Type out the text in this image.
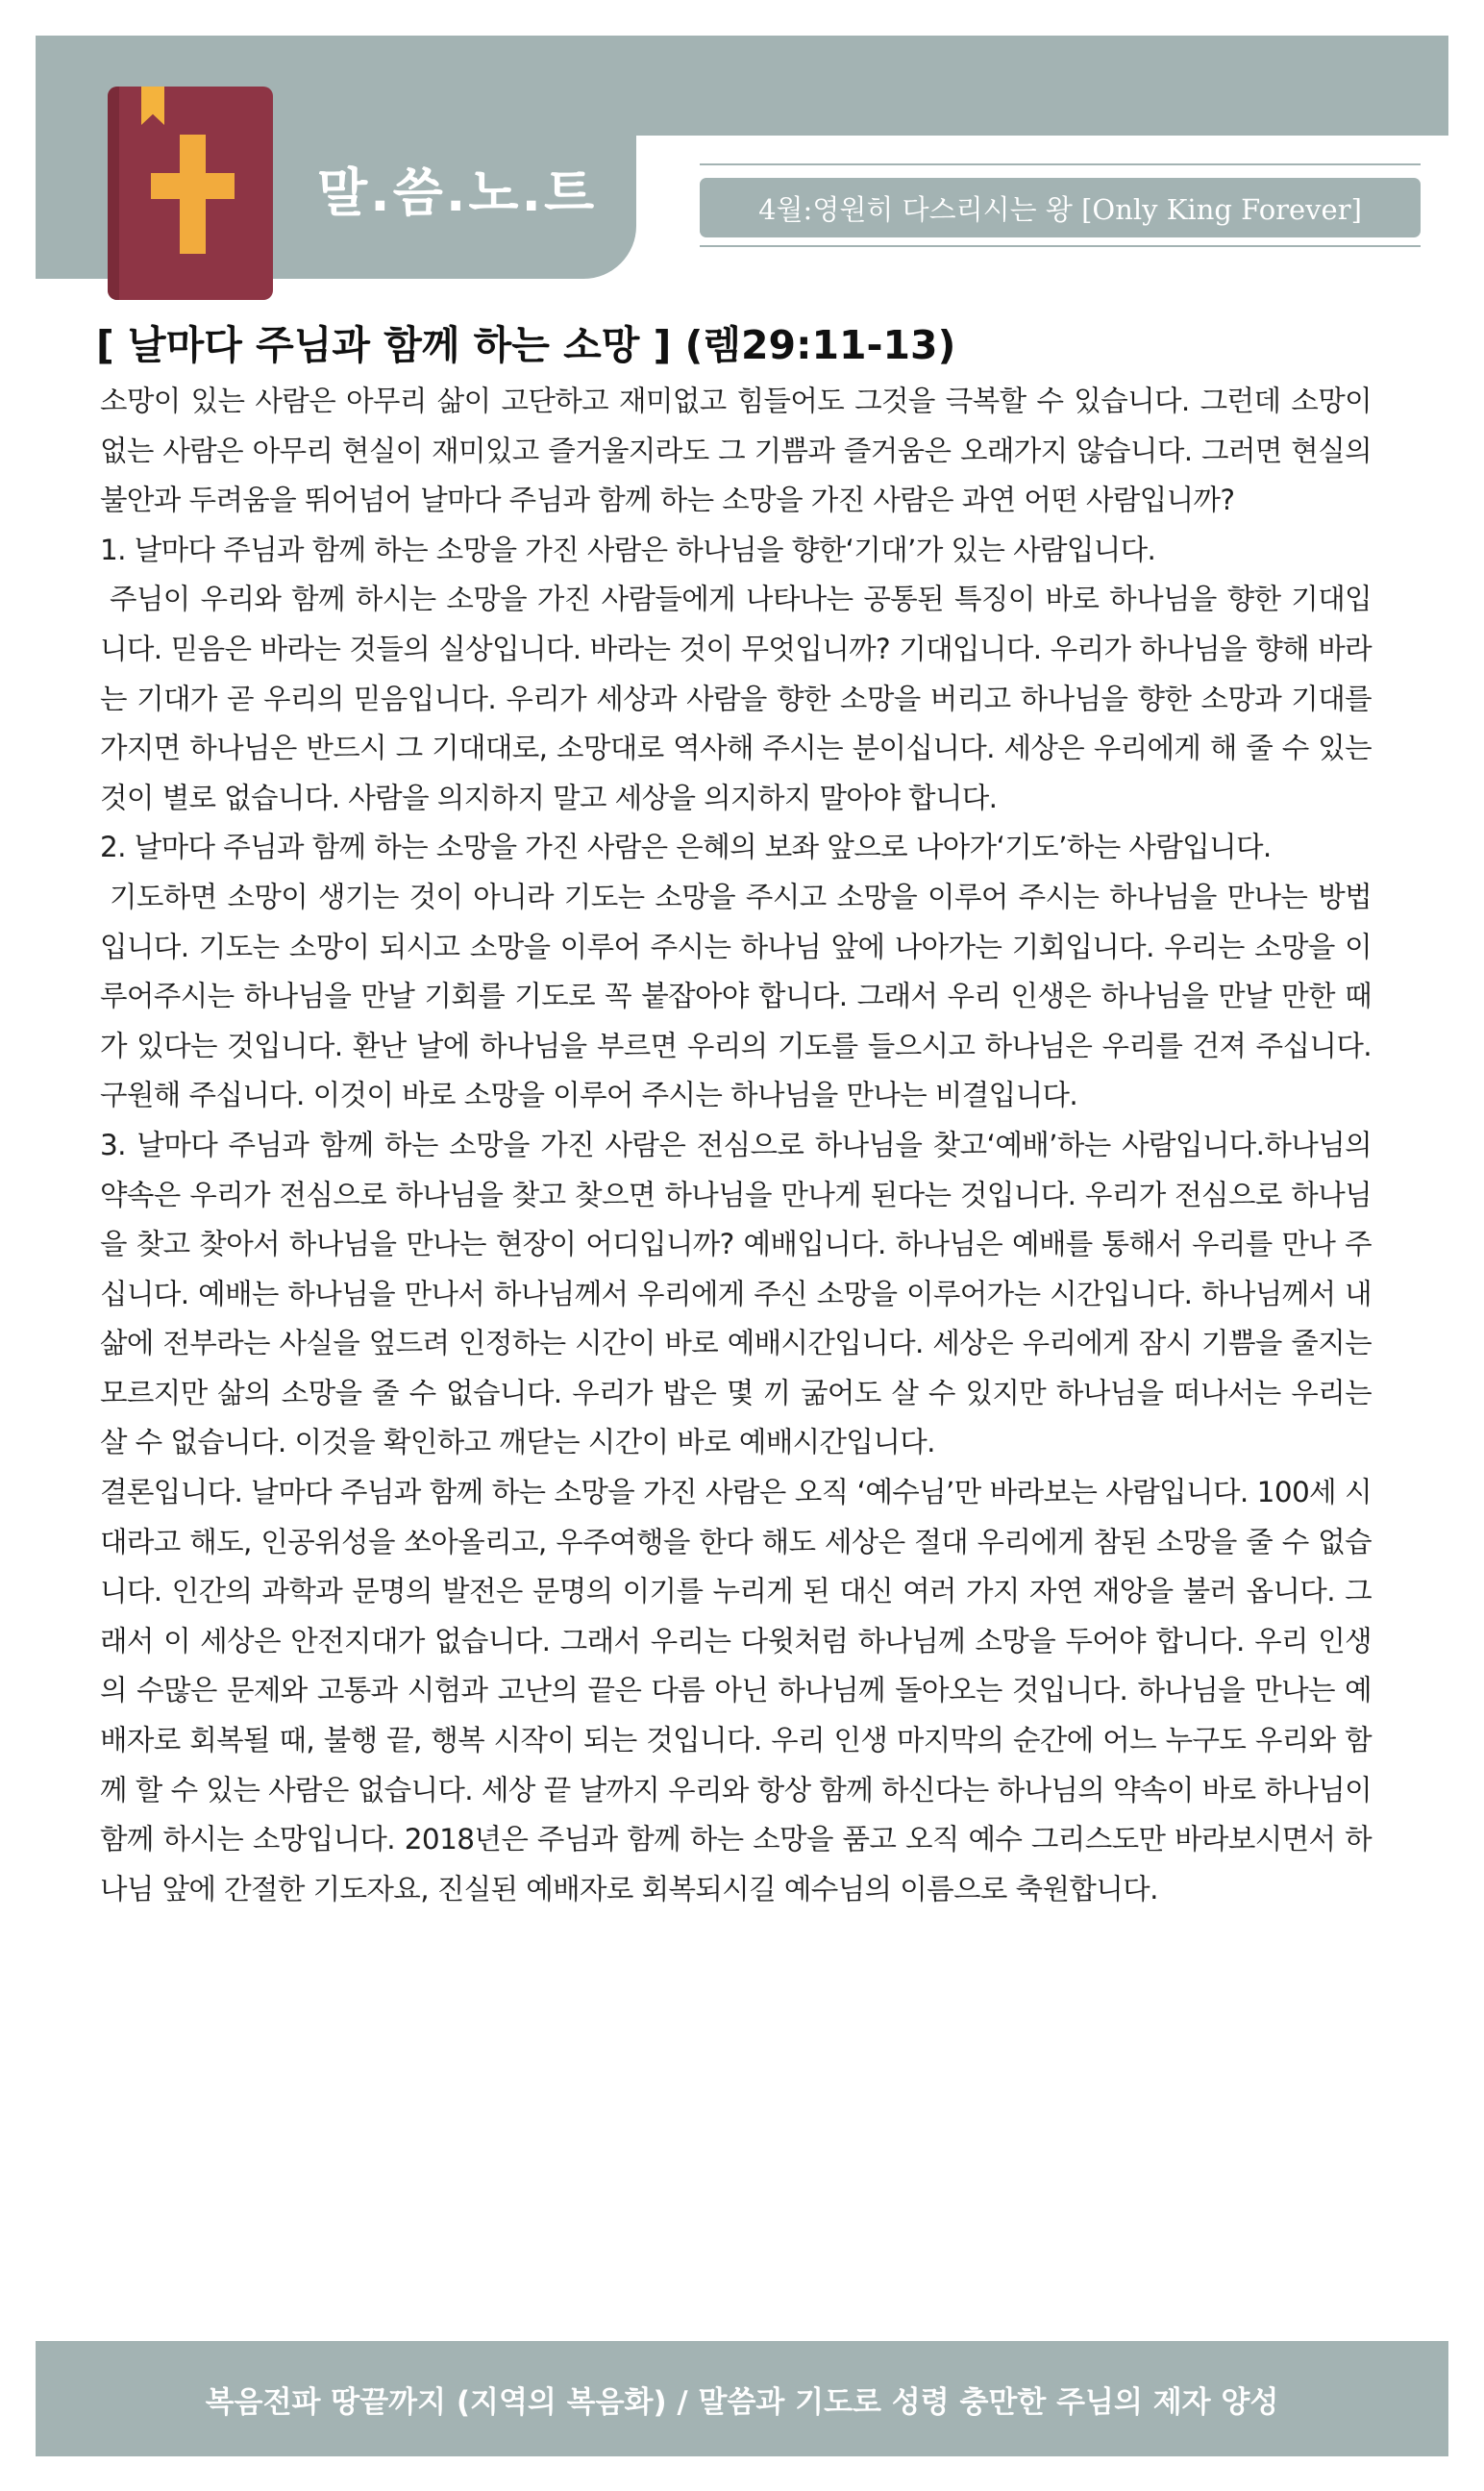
말.씀.노.트	4월:영원히 다스리시는 왕 [Only King Forever]
[ 날마다 주님과 함께 하는 소망 ] (렘29:11-13)

소망이 있는 사람은 아무리 삶이 고단하고 재미없고 힘들어도 그것을 극복할 수 있습니다. 그런데 소망이 없는 사람은 아무리 현실이 재미있고 즐거울지라도 그 기쁨과 즐거움은 오래가지 않습니다. 그러면 현실의 불안과 두려움을 뛰어넘어 날마다 주님과 함께 하는 소망을 가진 사람은 과연 어떤 사람입니까?

1. 날마다 주님과 함께 하는 소망을 가진 사람은 하나님을 향한‘기대’가 있는 사람입니다.

주님이 우리와 함께 하시는 소망을 가진 사람들에게 나타나는 공통된 특징이 바로 하나님을 향한 기대입니다. 믿음은 바라는 것들의 실상입니다. 바라는 것이 무엇입니까? 기대입니다. 우리가 하나님을 향해 바라는 기대가 곧 우리의 믿음입니다. 우리가 세상과 사람을 향한 소망을 버리고 하나님을 향한 소망과 기대를 가지면 하나님은 반드시 그 기대대로, 소망대로 역사해 주시는 분이십니다. 세상은 우리에게 해 줄 수 있는 것이 별로 없습니다. 사람을 의지하지 말고 세상을 의지하지 말아야 합니다.

2. 날마다 주님과 함께 하는 소망을 가진 사람은 은혜의 보좌 앞으로 나아가‘기도’하는 사람입니다.

기도하면 소망이 생기는 것이 아니라 기도는 소망을 주시고 소망을 이루어 주시는 하나님을 만나는 방법입니다. 기도는 소망이 되시고 소망을 이루어 주시는 하나님 앞에 나아가는 기회입니다. 우리는 소망을 이루어주시는 하나님을 만날 기회를 기도로 꼭 붙잡아야 합니다. 그래서 우리 인생은 하나님을 만날 만한 때가 있다는 것입니다. 환난 날에 하나님을 부르면 우리의 기도를 들으시고 하나님은 우리를 건져 주십니다. 구원해 주십니다. 이것이 바로 소망을 이루어 주시는 하나님을 만나는 비결입니다.

3. 날마다 주님과 함께 하는 소망을 가진 사람은 전심으로 하나님을 찾고‘예배’하는 사람입니다.하나님의 약속은 우리가 전심으로 하나님을 찾고 찾으면 하나님을 만나게 된다는 것입니다. 우리가 전심으로 하나님을 찾고 찾아서 하나님을 만나는 현장이 어디입니까? 예배입니다. 하나님은 예배를 통해서 우리를 만나 주십니다. 예배는 하나님을 만나서 하나님께서 우리에게 주신 소망을 이루어가는 시간입니다. 하나님께서 내 삶에 전부라는 사실을 엎드려 인정하는 시간이 바로 예배시간입니다. 세상은 우리에게 잠시 기쁨을 줄지는 모르지만 삶의 소망을 줄 수 없습니다. 우리가 밥은 몇 끼 굶어도 살 수 있지만 하나님을 떠나서는 우리는 살 수 없습니다. 이것을 확인하고 깨닫는 시간이 바로 예배시간입니다.

결론입니다. 날마다 주님과 함께 하는 소망을 가진 사람은 오직 ‘예수님’만 바라보는 사람입니다. 100세 시대라고 해도, 인공위성을 쏘아올리고, 우주여행을 한다 해도 세상은 절대 우리에게 참된 소망을 줄 수 없습니다. 인간의 과학과 문명의 발전은 문명의 이기를 누리게 된 대신 여러 가지 자연 재앙을 불러 옵니다. 그래서 이 세상은 안전지대가 없습니다. 그래서 우리는 다윗처럼 하나님께 소망을 두어야 합니다. 우리 인생의 수많은 문제와 고통과 시험과 고난의 끝은 다름 아닌 하나님께 돌아오는 것입니다. 하나님을 만나는 예배자로 회복될 때, 불행 끝, 행복 시작이 되는 것입니다. 우리 인생 마지막의 순간에 어느 누구도 우리와 함께 할 수 있는 사람은 없습니다. 세상 끝 날까지 우리와 항상 함께 하신다는 하나님의 약속이 바로 하나님이 함께 하시는 소망입니다. 2018년은 주님과 함께 하는 소망을 품고 오직 예수 그리스도만 바라보시면서 하나님 앞에 간절한 기도자요, 진실된 예배자로 회복되시길 예수님의 이름으로 축원합니다.

복음전파 땅끝까지 (지역의 복음화) / 말씀과 기도로 성령 충만한 주님의 제자 양성
